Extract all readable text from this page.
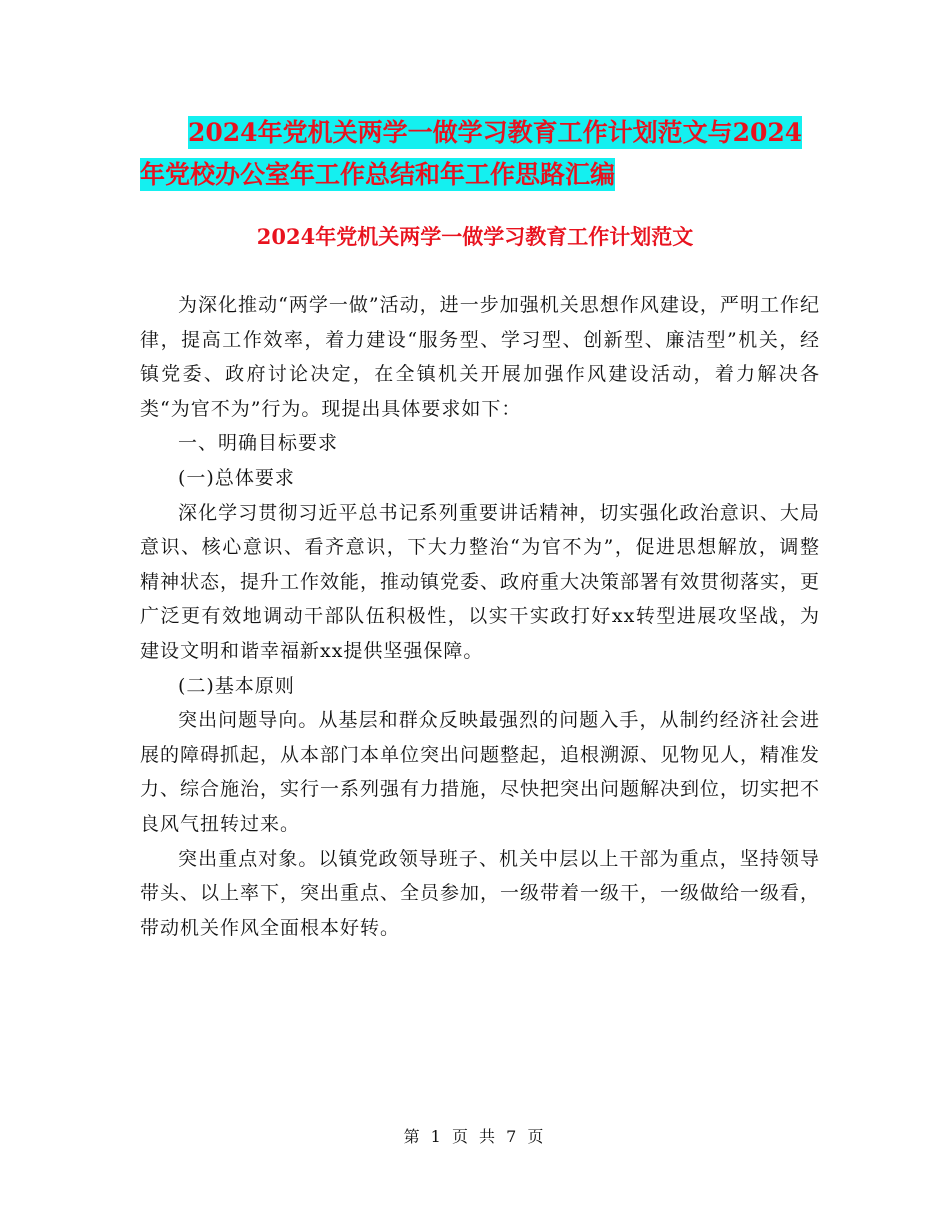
2024年党机关两学一做学习教育工作计划范文与2024
年党校办公室年工作总结和年工作思路汇编
2024年党机关两学一做学习教育工作计划范文

为深化推动“两学一做”活动，进一步加强机关思想作风建设，严明工作纪律，提高工作效率，着力建设“服务型、学习型、创新型、廉洁型”机关，经镇党委、政府讨论决定，在全镇机关开展加强作风建设活动，着力解决各类“为官不为”行为。现提出具体要求如下：

一、明确目标要求

(一)总体要求

深化学习贯彻习近平总书记系列重要讲话精神，切实强化政治意识、大局意识、核心意识、看齐意识，下大力整治“为官不为”，促进思想解放，调整精神状态，提升工作效能，推动镇党委、政府重大决策部署有效贯彻落实，更广泛更有效地调动干部队伍积极性，以实干实政打好xx转型进展攻坚战，为建设文明和谐幸福新xx提供坚强保障。

(二)基本原则

突出问题导向。从基层和群众反映最强烈的问题入手，从制约经济社会进展的障碍抓起，从本部门本单位突出问题整起，追根溯源、见物见人，精准发力、综合施治，实行一系列强有力措施，尽快把突出问题解决到位，切实把不良风气扭转过来。

突出重点对象。以镇党政领导班子、机关中层以上干部为重点，坚持领导带头、以上率下，突出重点、全员参加，一级带着一级干，一级做给一级看，带动机关作风全面根本好转。

第 1 页 共 7 页
